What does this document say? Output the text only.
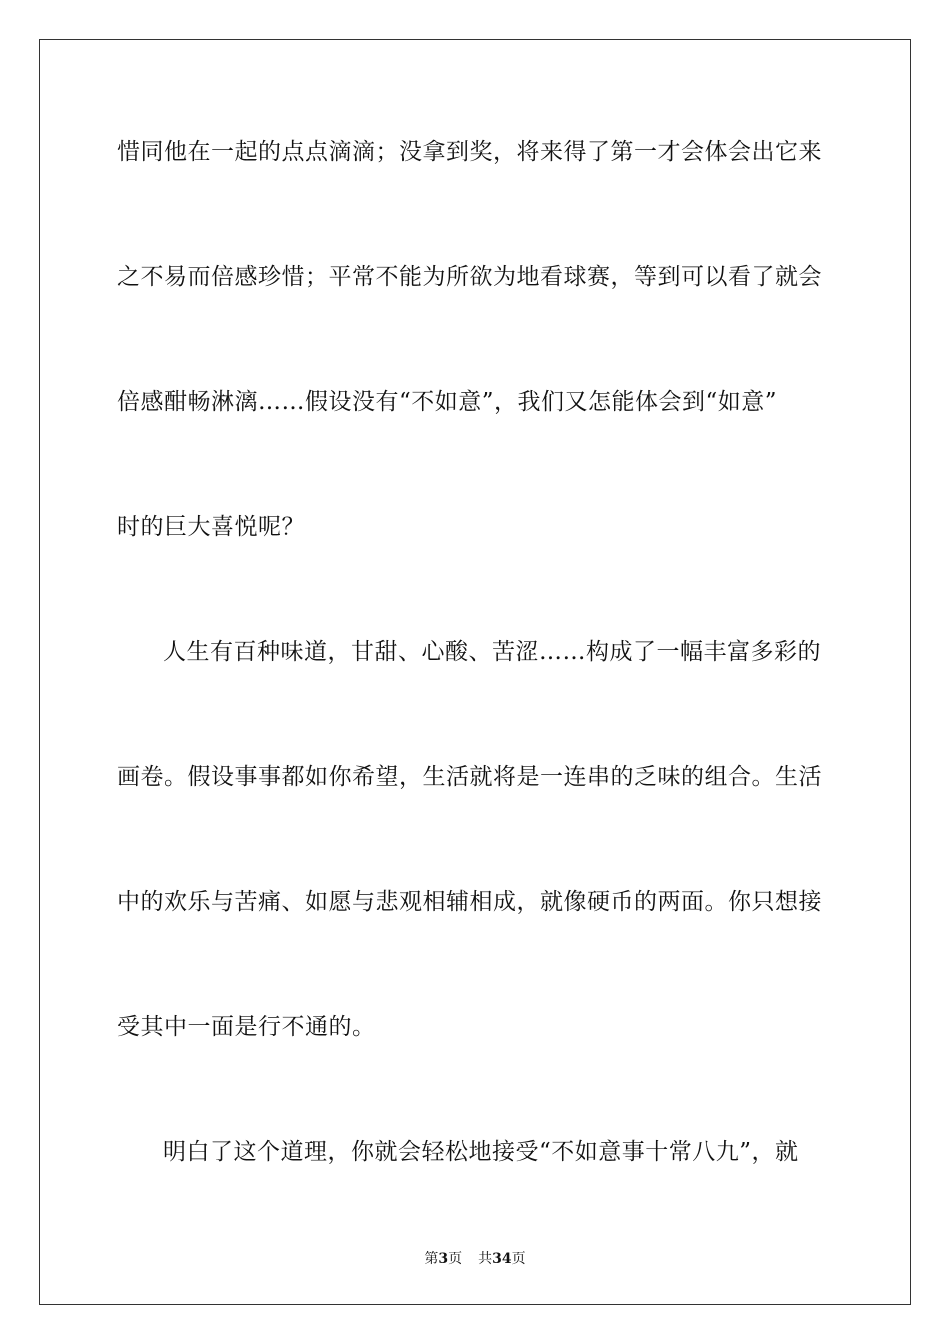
惜同他在一起的点点滴滴；没拿到奖，将来得了第一才会体会出它来

之不易而倍感珍惜；平常不能为所欲为地看球赛，等到可以看了就会

倍感酣畅淋漓……假设没有“不如意”，我们又怎能体会到“如意”

时的巨大喜悦呢？

人生有百种味道，甘甜、心酸、苦涩……构成了一幅丰富多彩的

画卷。假设事事都如你希望，生活就将是一连串的乏味的组合。生活

中的欢乐与苦痛、如愿与悲观相辅相成，就像硬币的两面。你只想接

受其中一面是行不通的。

明白了这个道理，你就会轻松地接受“不如意事十常八九”，就

第3页 共34页
